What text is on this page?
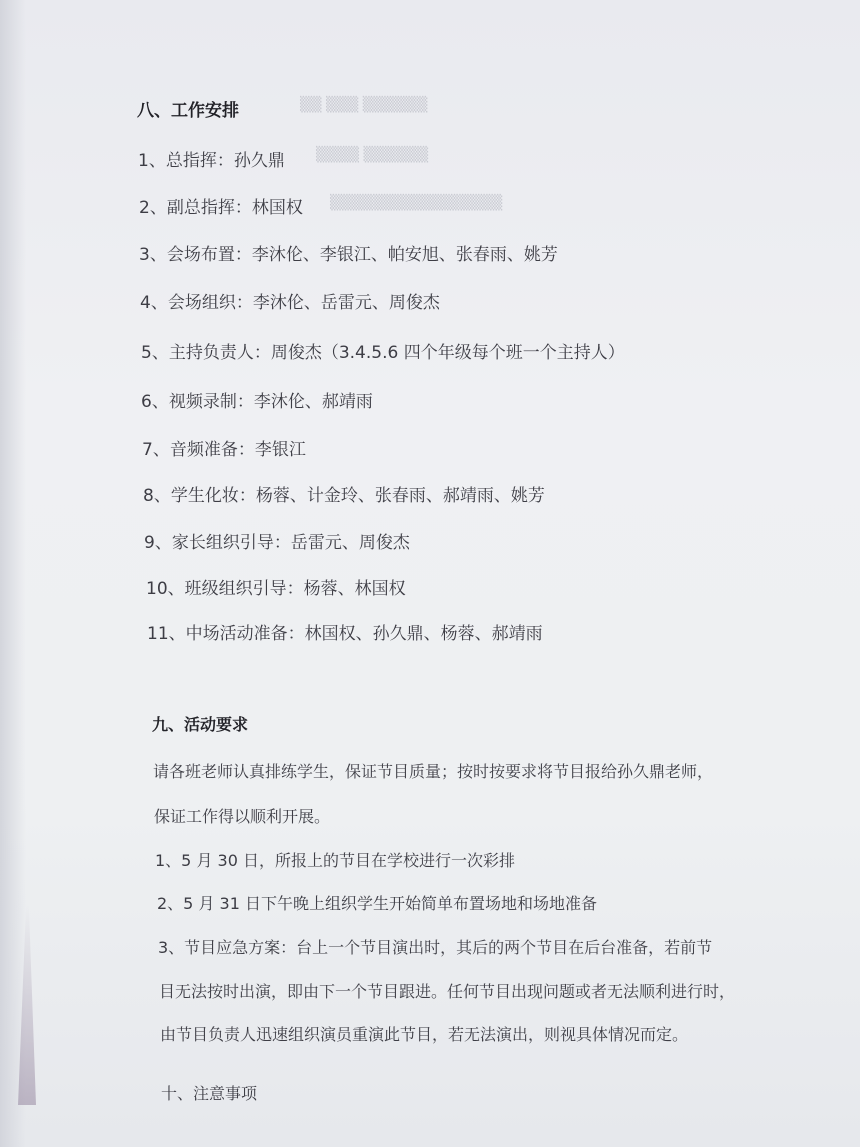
▒▒ ▒▒▒ ▒▒▒▒▒▒
▒▒▒▒ ▒▒▒▒▒▒
▒▒▒▒▒▒▒▒▒▒▒▒▒▒▒▒
八、工作安排
1、总指挥：孙久鼎
2、副总指挥：林国权
3、会场布置：李沐伦、李银江、帕安旭、张春雨、姚芳
4、会场组织：李沐伦、岳雷元、周俊杰
5、主持负责人：周俊杰（3.4.5.6 四个年级每个班一个主持人）
6、视频录制：李沐伦、郝靖雨
7、音频准备：李银江
8、学生化妆：杨蓉、计金玲、张春雨、郝靖雨、姚芳
9、家长组织引导：岳雷元、周俊杰
10、班级组织引导：杨蓉、林国权
11、中场活动准备：林国权、孙久鼎、杨蓉、郝靖雨
九、活动要求
请各班老师认真排练学生，保证节目质量；按时按要求将节目报给孙久鼎老师，
保证工作得以顺利开展。
1、5 月 30 日，所报上的节目在学校进行一次彩排
2、5 月 31 日下午晚上组织学生开始简单布置场地和场地准备
3、节目应急方案：台上一个节目演出时，其后的两个节目在后台准备，若前节
目无法按时出演，即由下一个节目跟进。任何节目出现问题或者无法顺利进行时，
由节目负责人迅速组织演员重演此节目，若无法演出，则视具体情况而定。
十、注意事项
